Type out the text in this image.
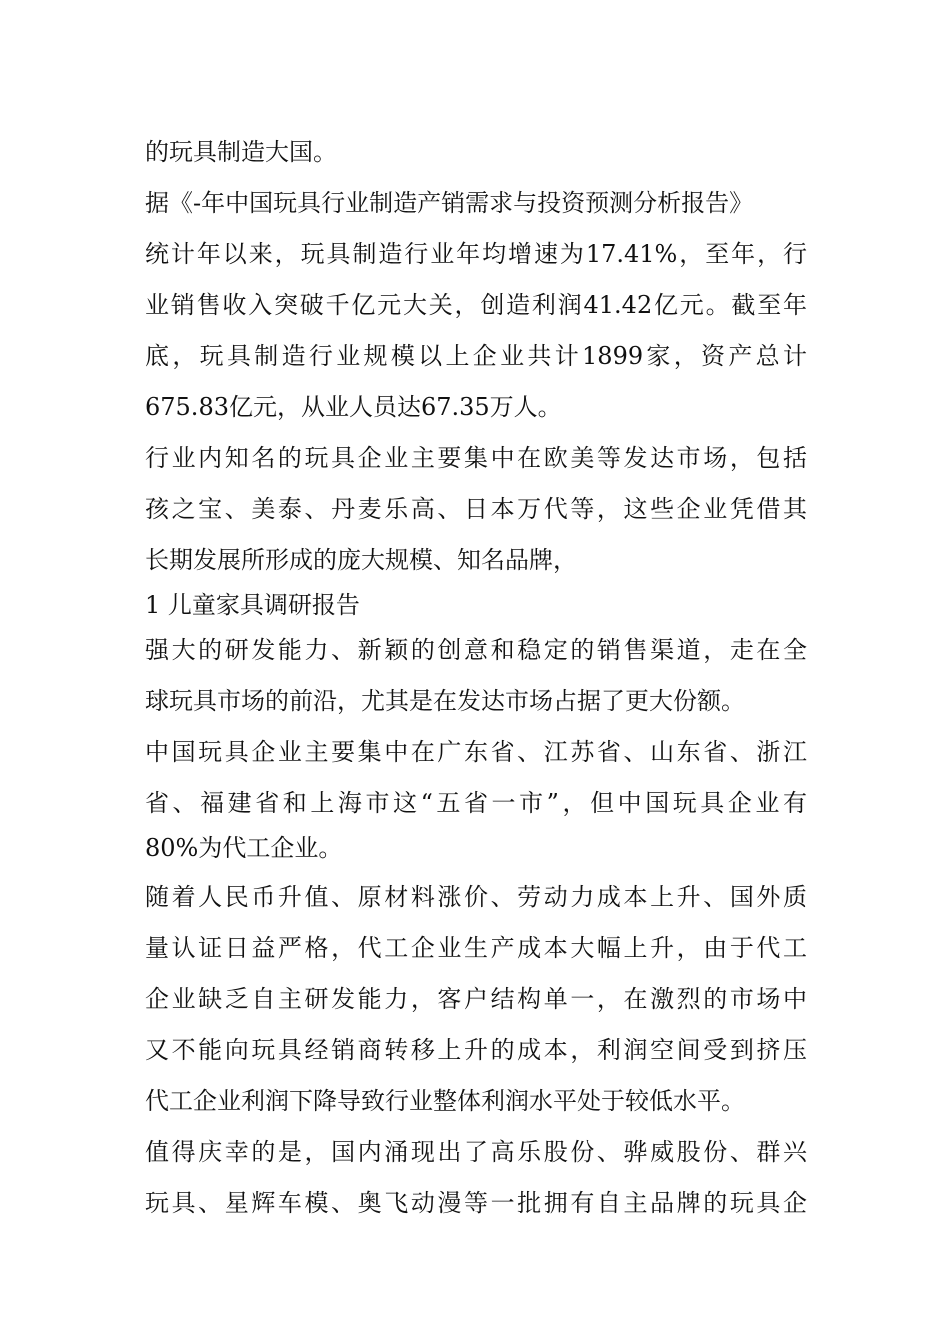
的玩具制造大国。
据《-年中国玩具行业制造产销需求与投资预测分析报告》
统计年以来，玩具制造行业年均增速为17.41%，至年，行
业销售收入突破千亿元大关，创造利润41.42亿元。截至年
底，玩具制造行业规模以上企业共计1899家，资产总计
675.83亿元，从业人员达67.35万人。
行业内知名的玩具企业主要集中在欧美等发达市场，包括
孩之宝、美泰、丹麦乐高、日本万代等，这些企业凭借其
长期发展所形成的庞大规模、知名品牌，
1 儿童家具调研报告
强大的研发能力、新颖的创意和稳定的销售渠道，走在全
球玩具市场的前沿，尤其是在发达市场占据了更大份额。
中国玩具企业主要集中在广东省、江苏省、山东省、浙江
省、福建省和上海市这“五省一市”，但中国玩具企业有
80%为代工企业。
随着人民币升值、原材料涨价、劳动力成本上升、国外质
量认证日益严格，代工企业生产成本大幅上升，由于代工
企业缺乏自主研发能力，客户结构单一，在激烈的市场中
又不能向玩具经销商转移上升的成本，利润空间受到挤压
代工企业利润下降导致行业整体利润水平处于较低水平。
值得庆幸的是，国内涌现出了高乐股份、骅威股份、群兴
玩具、星辉车模、奥飞动漫等一批拥有自主品牌的玩具企
